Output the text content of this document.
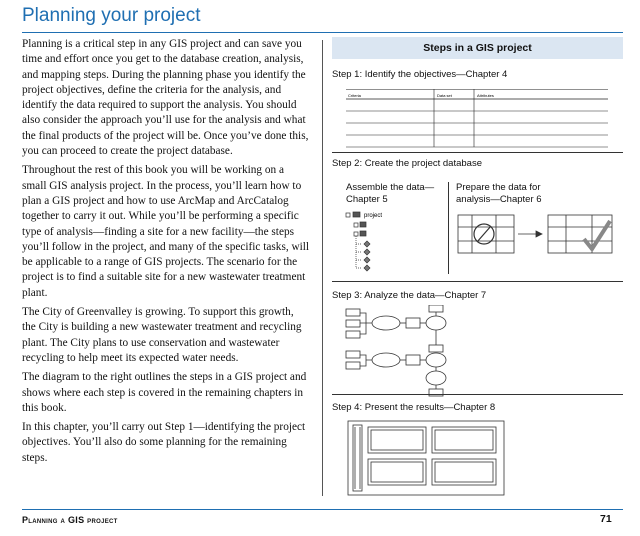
Planning your project

Planning is a critical step in any GIS project and can save you time and effort once you get to the database creation, analysis, and mapping steps. During the planning phase you identify the project objectives, define the criteria for the analysis, and identify the data required to support the analysis. You should also consider the approach you’ll use for the analysis and what the final products of the project will be. Once you’ve done this, you can proceed to create the project database.

Throughout the rest of this book you will be working on a small GIS analysis project. In the process, you’ll learn how to plan a GIS project and how to use ArcMap and ArcCatalog together to carry it out. While you’ll be performing a specific type of analysis—finding a site for a new facility—the steps you’ll follow in the project, and many of the specific tasks, will be applicable to a range of GIS projects. The scenario for the project is to find a suitable site for a new wastewater treatment plant.

The City of Greenvalley is growing. To support this growth, the City is building a new wastewater treatment and recycling plant. The City plans to use conservation and wastewater recycling to help meet its expected water needs.

The diagram to the right outlines the steps in a GIS project and shows where each step is covered in the remaining chapters in this book.

In this chapter, you’ll carry out Step 1—identifying the project objectives. You’ll also do some planning for the remaining steps.

Steps in a GIS project
Step 1: Identify the objectives—Chapter 4
Criteria	Data set	Attributes
Step 2: Create the project database
Assemble the data—
Chapter 5
Prepare the data for
analysis—Chapter 6
project
Step 3: Analyze the data—Chapter 7
Step 4: Present the results—Chapter 8
Planning a GIS project	71
